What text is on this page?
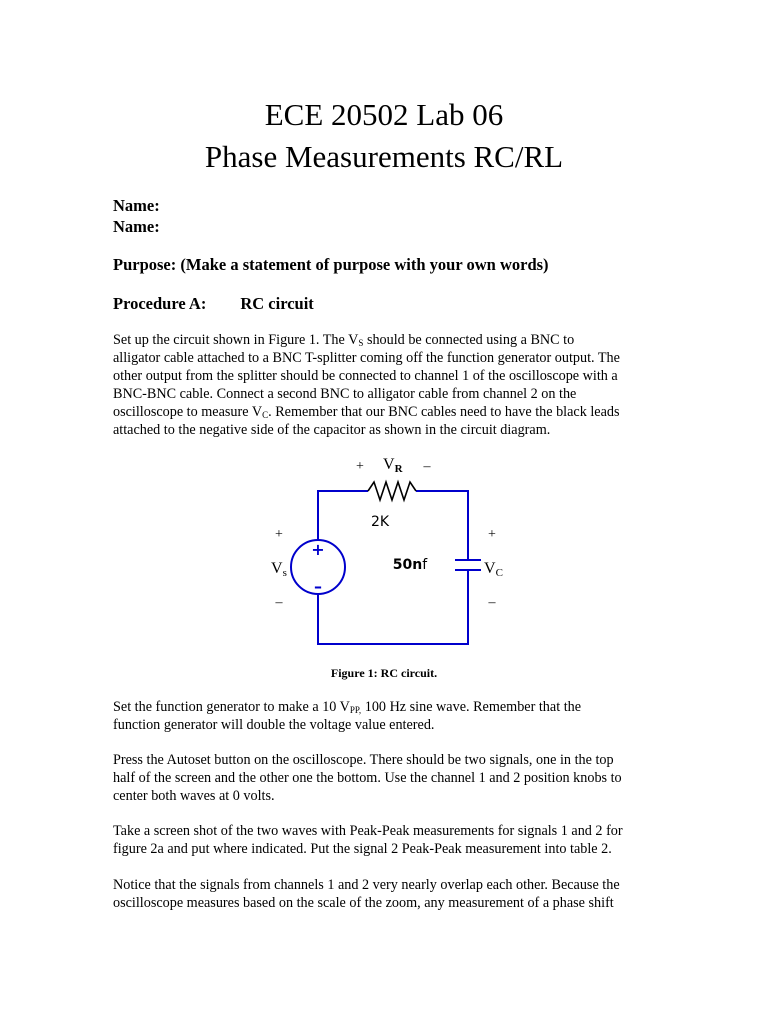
ECE 20502 Lab 06
Phase Measurements RC/RL
Name:
Name:
Purpose: (Make a statement of purpose with your own words)
Procedure A: RC circuit
Set up the circuit shown in Figure 1. The $V_S$ should be connected using a BNC to
alligator cable attached to a BNC T-splitter coming off the function generator output. The
other output from the splitter should be connected to channel 1 of the oscilloscope with a
BNC-BNC cable. Connect a second BNC to alligator cable from channel 2 on the
oscilloscope to measure $V_C$. Remember that our BNC cables need to have the black leads
attached to the negative side of the capacitor as shown in the circuit diagram.
+
–
+ VR –
2K
50nf
+
Vs
–
+
VC
–
Figure 1: RC circuit.
Set the function generator to make a 10 $V_{PP,}$ 100 Hz sine wave. Remember that the
function generator will double the voltage value entered.
Press the Autoset button on the oscilloscope. There should be two signals, one in the top
half of the screen and the other one the bottom. Use the channel 1 and 2 position knobs to
center both waves at 0 volts.
Take a screen shot of the two waves with Peak-Peak measurements for signals 1 and 2 for
figure 2a and put where indicated. Put the signal 2 Peak-Peak measurement into table 2.
Notice that the signals from channels 1 and 2 very nearly overlap each other. Because the
oscilloscope measures based on the scale of the zoom, any measurement of a phase shift
